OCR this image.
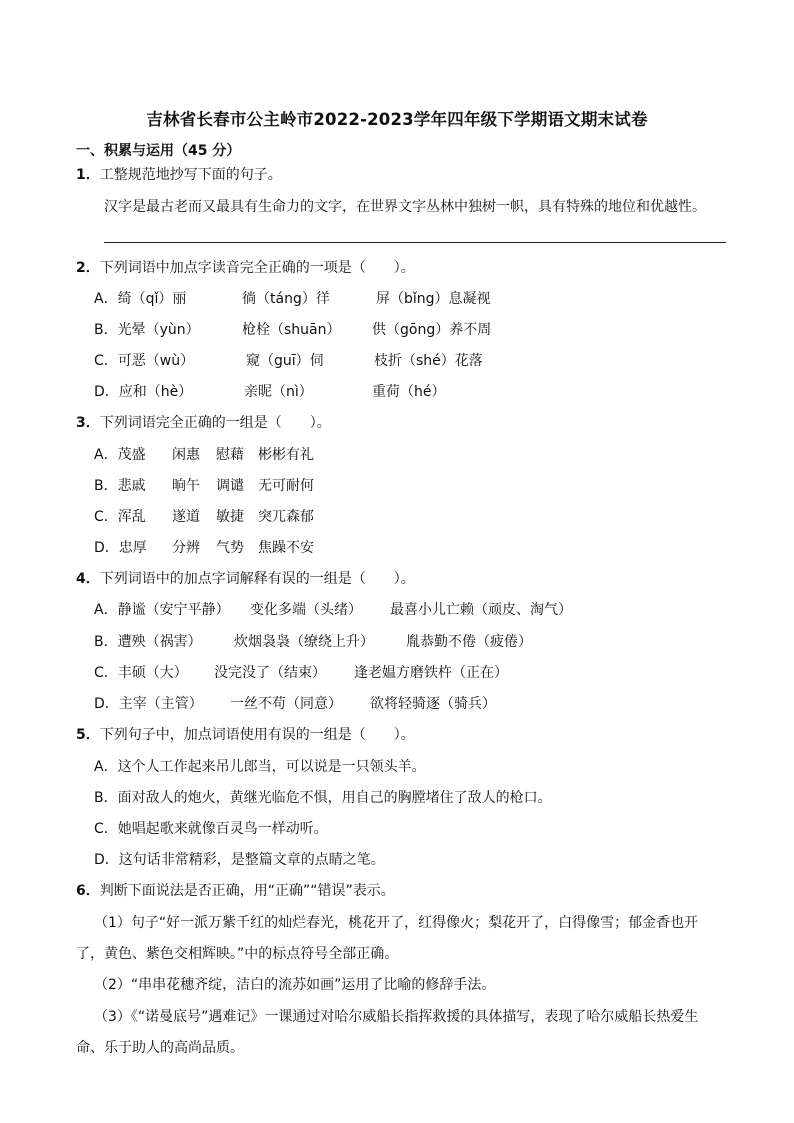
吉林省长春市公主岭市2022-2023学年四年级下学期语文期末试卷
一、积累与运用（45 分）
1．工整规范地抄写下面的句子。
汉字是最古老而又最具有生命力的文字，在世界文字丛林中独树一帜，具有特殊的地位和优越性。
2．下列词语中加点字读音完全正确的一项是（　　）。
A．绮（qǐ）丽	徜（táng）徉	屏（bǐng）息凝视
B．光晕（yùn）	枪栓（shuān） 供（gōng）养不周
C．可恶（wù）	窥（guī）伺	枝折（shé）花落
D．应和（hè）	亲昵（nì）	重荷（hé）
3．下列词语完全正确的一组是（　　）。
A．茂盛 闲惠 慰藉 彬彬有礼
B．悲戚 晌午 调谴 无可耐何
C．浑乱 遂道 敏捷 突兀森郁
D．忠厚 分辨 气势 焦躁不安
4．下列词语中的加点字词解释有误的一组是（　　）。
A．静谧（安宁平静） 变化多端（头绪） 最喜小儿亡赖（顽皮、淘气）
B．遭殃（祸害） 炊烟袅袅（缭绕上升） 胤恭勤不倦（疲倦）
C．丰硕（大） 没完没了（结束） 逢老媪方磨铁杵（正在）
D．主宰（主管） 一丝不苟（同意） 欲将轻骑逐（骑兵）
5．下列句子中，加点词语使用有误的一组是（　　）。
A．这个人工作起来吊儿郎当，可以说是一只领头羊。
B．面对敌人的炮火，黄继光临危不惧，用自己的胸膛堵住了敌人的枪口。
C．她唱起歌来就像百灵鸟一样动听。
D．这句话非常精彩，是整篇文章的点睛之笔。
6．判断下面说法是否正确，用“正确”“错误”表示。
（1）句子“好一派万紫千红的灿烂春光，桃花开了，红得像火；梨花开了，白得像雪；郁金香也开
了，黄色、紫色交相辉映。”中的标点符号全部正确。
（2）“串串花穗齐绽，洁白的流苏如画”运用了比喻的修辞手法。
（3）《“诺曼底号”遇难记》一课通过对哈尔威船长指挥救援的具体描写，表现了哈尔威船长热爱生
命、乐于助人的高尚品质。
